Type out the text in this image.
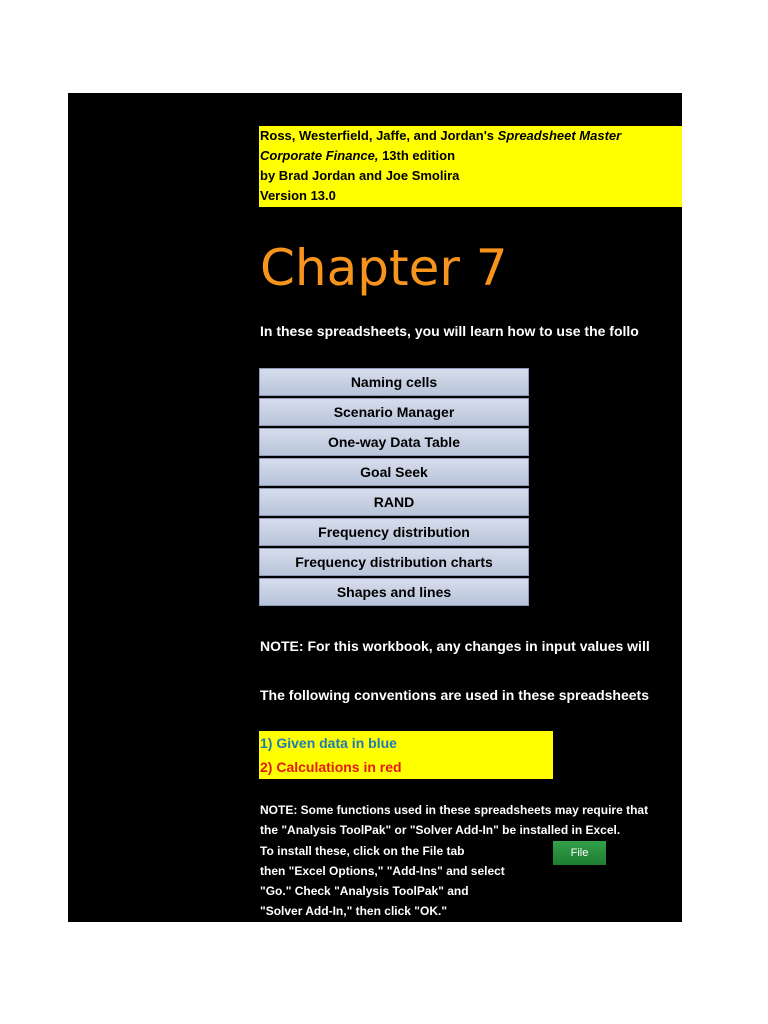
Ross, Westerfield, Jaffe, and Jordan's Spreadsheet Master
Corporate Finance, 13th edition
by Brad Jordan and Joe Smolira
Version 13.0
Chapter 7
In these spreadsheets, you will learn how to use the follo
Naming cells
Scenario Manager
One-way Data Table
Goal Seek
RAND
Frequency distribution
Frequency distribution charts
Shapes and lines
NOTE: For this workbook, any changes in input values will
The following conventions are used in these spreadsheets
1) Given data in blue
2) Calculations in red
NOTE: Some functions used in these spreadsheets may require that
the "Analysis ToolPak" or "Solver Add-In" be installed in Excel.
To install these, click on the File tab
then "Excel Options," "Add-Ins" and select
"Go." Check "Analysis ToolPak" and
"Solver Add-In," then click "OK."
File
